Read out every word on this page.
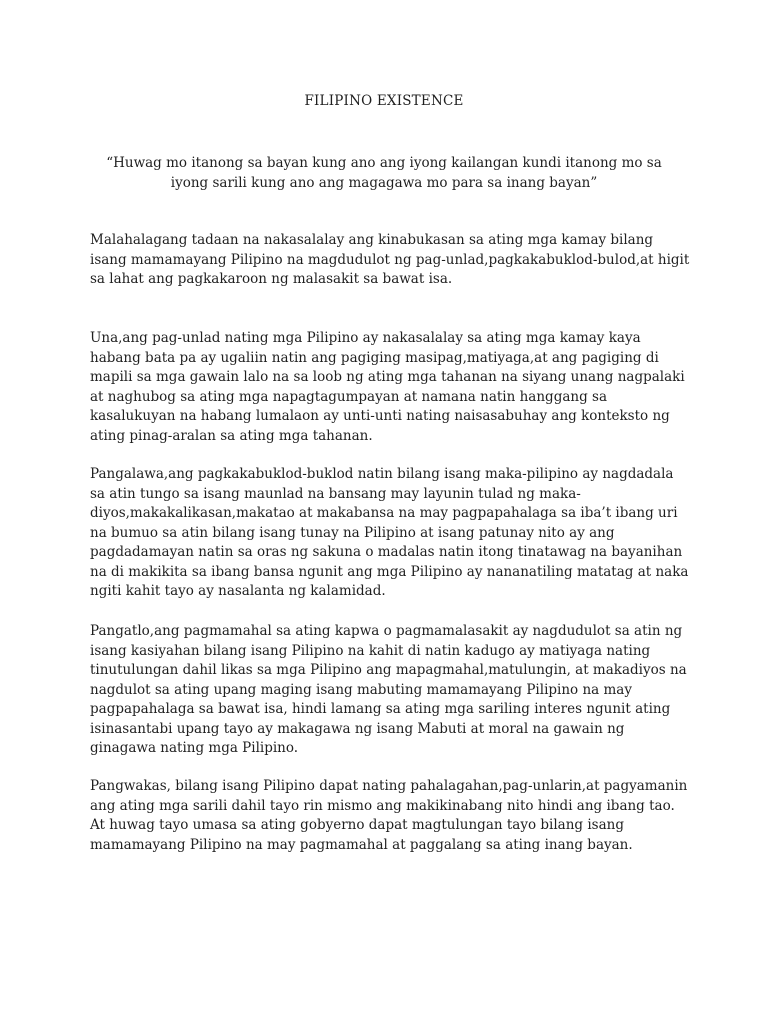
FILIPINO EXISTENCE
“Huwag mo itanong sa bayan kung ano ang iyong kailangan kundi itanong mo sa iyong sarili kung ano ang magagawa mo para sa inang bayan”

Malahalagang tadaan na nakasalalay ang kinabukasan sa ating mga kamay bilang isang mamamayang Pilipino na magdudulot ng pag-unlad,pagkakabuklod-bulod,at higit sa lahat ang pagkakaroon ng malasakit sa bawat isa.

Una,ang pag-unlad nating mga Pilipino ay nakasalalay sa ating mga kamay kaya habang bata pa ay ugaliin natin ang pagiging masipag,matiyaga,at ang pagiging di mapili sa mga gawain lalo na sa loob ng ating mga tahanan na siyang unang nagpalaki at naghubog sa ating mga napagtagumpayan at namana natin hanggang sa kasalukuyan na habang lumalaon ay unti-unti nating naisasabuhay ang konteksto ng ating pinag-aralan sa ating mga tahanan.

Pangalawa,ang pagkakabuklod-buklod natin bilang isang maka-pilipino ay nagdadala sa atin tungo sa isang maunlad na bansang may layunin tulad ng maka-diyos,makakalikasan,makatao at makabansa na may pagpapahalaga sa iba’t ibang uri na bumuo sa atin bilang isang tunay na Pilipino at isang patunay nito ay ang pagdadamayan natin sa oras ng sakuna o madalas natin itong tinatawag na bayanihan na di makikita sa ibang bansa ngunit ang mga Pilipino ay nananatiling matatag at naka ngiti kahit tayo ay nasalanta ng kalamidad.

Pangatlo,ang pagmamahal sa ating kapwa o pagmamalasakit ay nagdudulot sa atin ng isang kasiyahan bilang isang Pilipino na kahit di natin kadugo ay matiyaga nating tinutulungan dahil likas sa mga Pilipino ang mapagmahal,matulungin, at makadiyos na nagdulot sa ating upang maging isang mabuting mamamayang Pilipino na may pagpapahalaga sa bawat isa, hindi lamang sa ating mga sariling interes ngunit ating isinasantabi upang tayo ay makagawa ng isang Mabuti at moral na gawain ng ginagawa nating mga Pilipino.

Pangwakas, bilang isang Pilipino dapat nating pahalagahan,pag-unlarin,at pagyamanin ang ating mga sarili dahil tayo rin mismo ang makikinabang nito hindi ang ibang tao. At huwag tayo umasa sa ating gobyerno dapat magtulungan tayo bilang isang mamamayang Pilipino na may pagmamahal at paggalang sa ating inang bayan.
